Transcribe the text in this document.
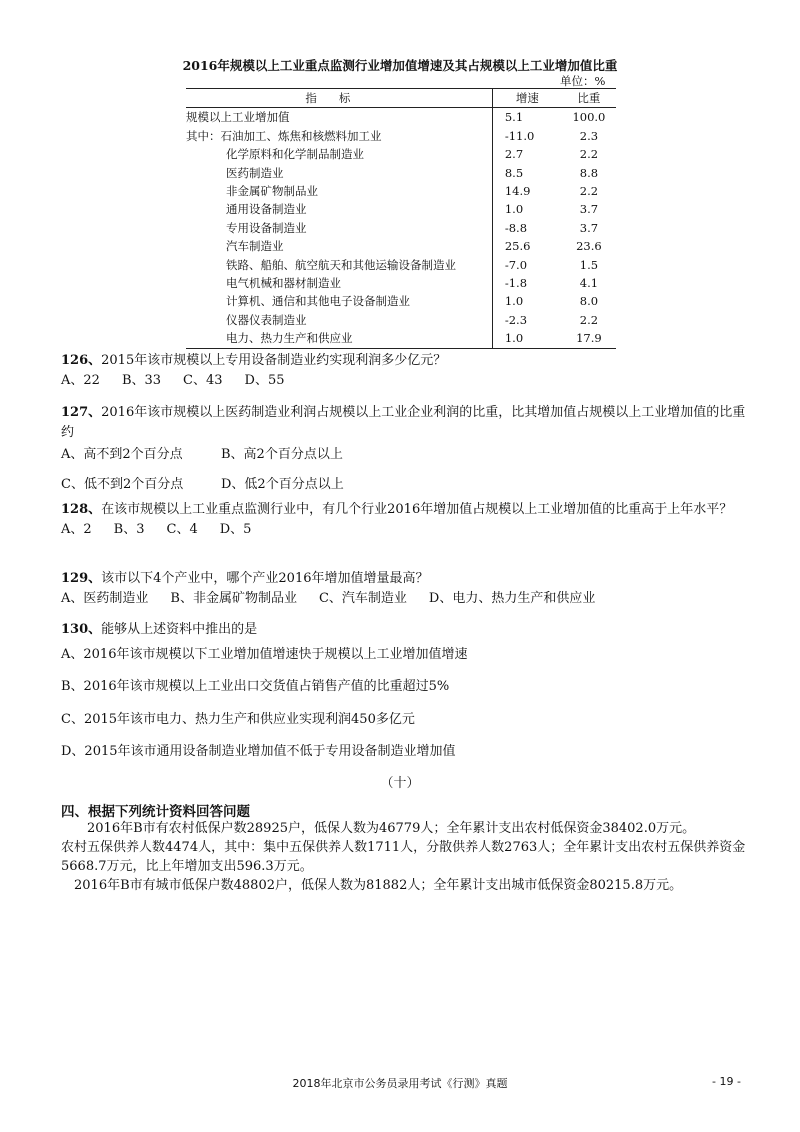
2016年规模以上工业重点监测行业增加值增速及其占规模以上工业增加值比重
单位：%
指标	增速	比重
规模以上工业增加值	5.1	100.0
其中：石油加工、炼焦和核燃料加工业	-11.0	2.3
化学原料和化学制品制造业	2.7	2.2
医药制造业	8.5	8.8
非金属矿物制品业	14.9	2.2
通用设备制造业	1.0	3.7
专用设备制造业	-8.8	3.7
汽车制造业	25.6	23.6
铁路、船舶、航空航天和其他运输设备制造业	-7.0	1.5
电气机械和器材制造业	-1.8	4.1
计算机、通信和其他电子设备制造业	1.0	8.0
仪器仪表制造业	-2.3	2.2
电力、热力生产和供应业	1.0	17.9
126、2015年该市规模以上专用设备制造业约实现利润多少亿元？
A、22 B、33 C、43 D、55
127、2016年该市规模以上医药制造业利润占规模以上工业企业利润的比重，比其增加值占规模以上工业增加值的比重约
A、高不到2个百分点	B、高2个百分点以上
C、低不到2个百分点	D、低2个百分点以上
128、在该市规模以上工业重点监测行业中，有几个行业2016年增加值占规模以上工业增加值的比重高于上年水平？
A、2 B、3 C、4 D、5
129、该市以下4个产业中，哪个产业2016年增加值增量最高？
A、医药制造业 B、非金属矿物制品业 C、汽车制造业 D、电力、热力生产和供应业
130、能够从上述资料中推出的是
A、2016年该市规模以下工业增加值增速快于规模以上工业增加值增速
B、2016年该市规模以上工业出口交货值占销售产值的比重超过5%
C、2015年该市电力、热力生产和供应业实现利润450多亿元
D、2015年该市通用设备制造业增加值不低于专用设备制造业增加值
（十）
四、根据下列统计资料回答问题
2016年B市有农村低保户数28925户，低保人数为46779人；全年累计支出农村低保资金38402.0万元。
农村五保供养人数4474人，其中：集中五保供养人数1711人，分散供养人数2763人；全年累计支出农村五保供养资金5668.7万元，比上年增加支出596.3万元。
2016年B市有城市低保户数48802户，低保人数为81882人；全年累计支出城市低保资金80215.8万元。
2018年北京市公务员录用考试《行测》真题	- 19 -
